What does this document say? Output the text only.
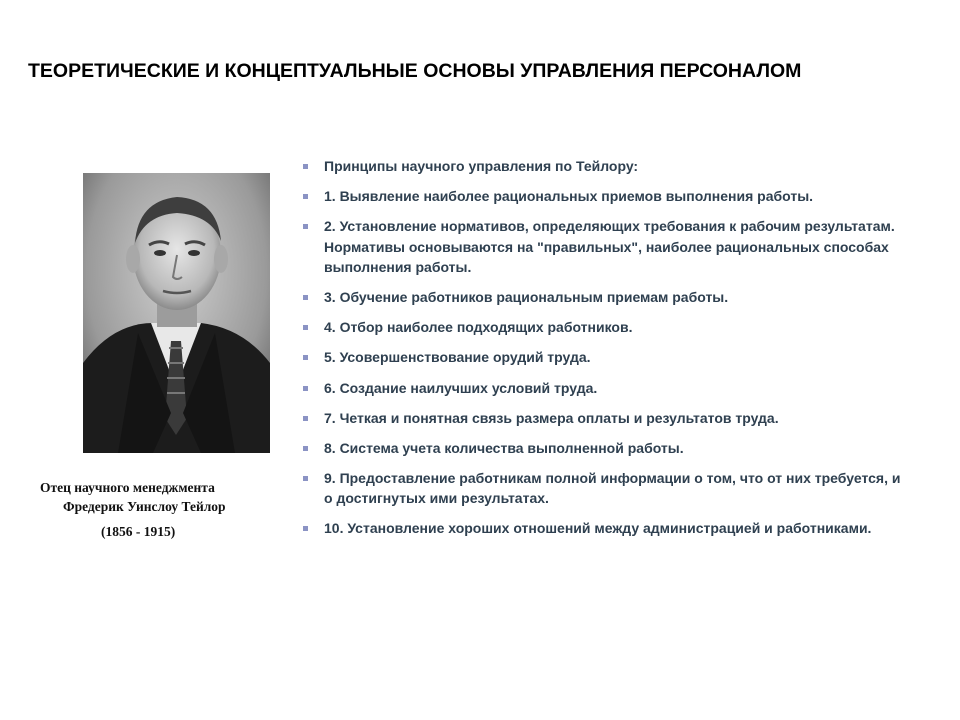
ТЕОРЕТИЧЕСКИЕ И КОНЦЕПТУАЛЬНЫЕ ОСНОВЫ УПРАВЛЕНИЯ ПЕРСОНАЛОМ
Отец научного менеджмента
Фредерик Уинслоу Тейлор
(1856 - 1915)
Принципы научного управления по Тейлору:
1. Выявление наиболее рациональных приемов выполнения работы.
2. Установление нормативов, определяющих требования к рабочим результатам. Нормативы основываются на "правильных", наиболее рациональных способах выполнения работы.
3. Обучение работников рациональным приемам работы.
4. Отбор наиболее подходящих работников.
5. Усовершенствование орудий труда.
6. Создание наилучших условий труда.
7. Четкая и понятная связь размера оплаты и результатов труда.
8. Система учета количества выполненной работы.
9. Предоставление работникам полной информации о том, что от них требуется, и о достигнутых ими результатах.
10. Установление хороших отношений между администрацией и работниками.
